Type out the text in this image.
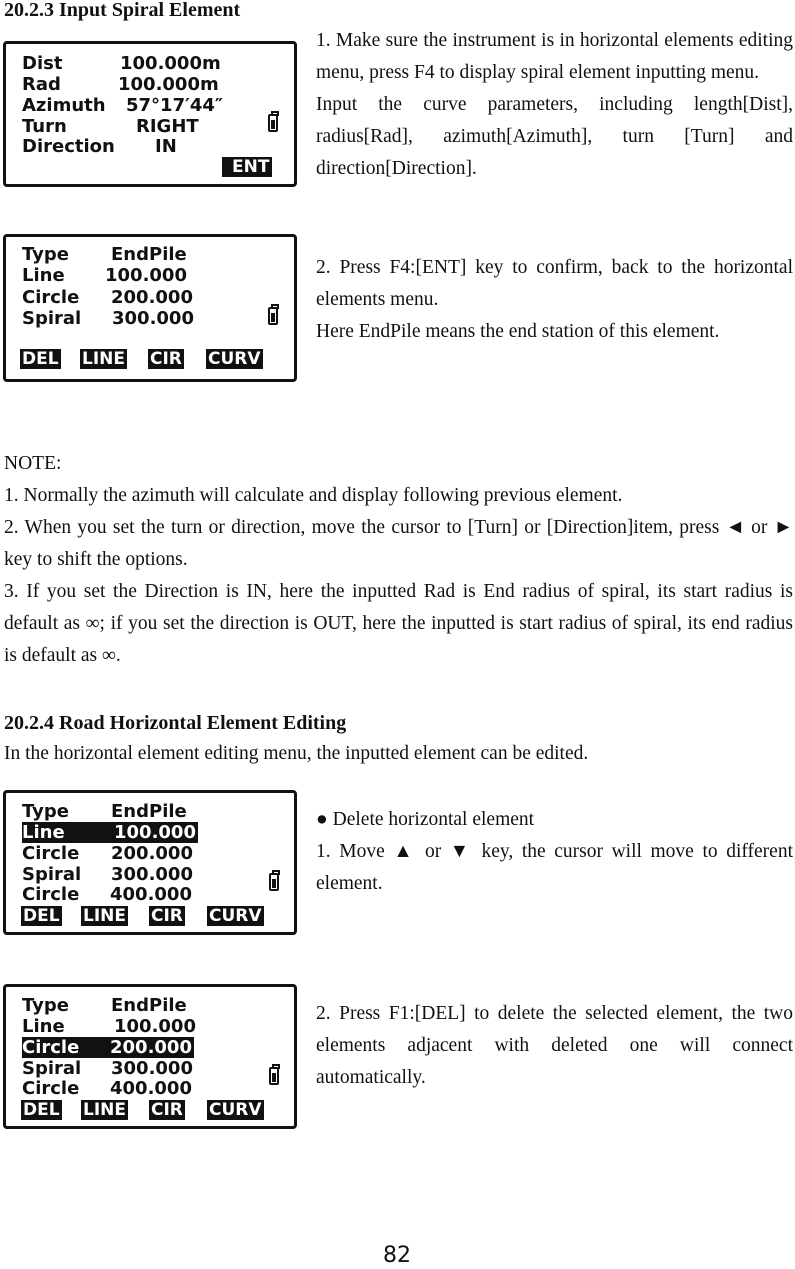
20.2.3 Input Spiral Element
Dist	100.000m
Rad	100.000m
Azimuth 57°17′44″
Turn	RIGHT
Direction IN
ENT

1. Make sure the instrument is in horizontal elements editing menu, press F4 to display spiral element inputting menu.

Input the curve parameters, including length[Dist], radius[Rad], azimuth[Azimuth], turn [Turn] and direction[Direction].

Type EndPile
Line 100.000
Circle 200.000
Spiral 300.000
DEL LINE CIR CURV

2. Press F4:[ENT] key to confirm, back to the horizontal elements menu.

Here EndPile means the end station of this element.

NOTE:

1. Normally the azimuth will calculate and display following previous element.

2. When you set the turn or direction, move the cursor to [Turn] or [Direction]item, press ◄ or ► key to shift the options.

3. If you set the Direction is IN, here the inputted Rad is End radius of spiral, its start radius is default as ∞; if you set the direction is OUT, here the inputted is start radius of spiral, its end radius is default as ∞.

20.2.4 Road Horizontal Element Editing
In the horizontal element editing menu, the inputted element can be edited.
Type EndPile
Line	100.000
Circle 200.000
Spiral 300.000
Circle 400.000
DEL LINE CIR CURV

● Delete horizontal element

1. Move ▲ or ▼ key, the cursor will move to different element.

Type EndPile
Line	100.000
Circle 200.000
Spiral 300.000
Circle 400.000
DEL LINE CIR CURV
2. Press F1:[DEL] to delete the selected element, the two elements adjacent with deleted one will connect automatically.
82
